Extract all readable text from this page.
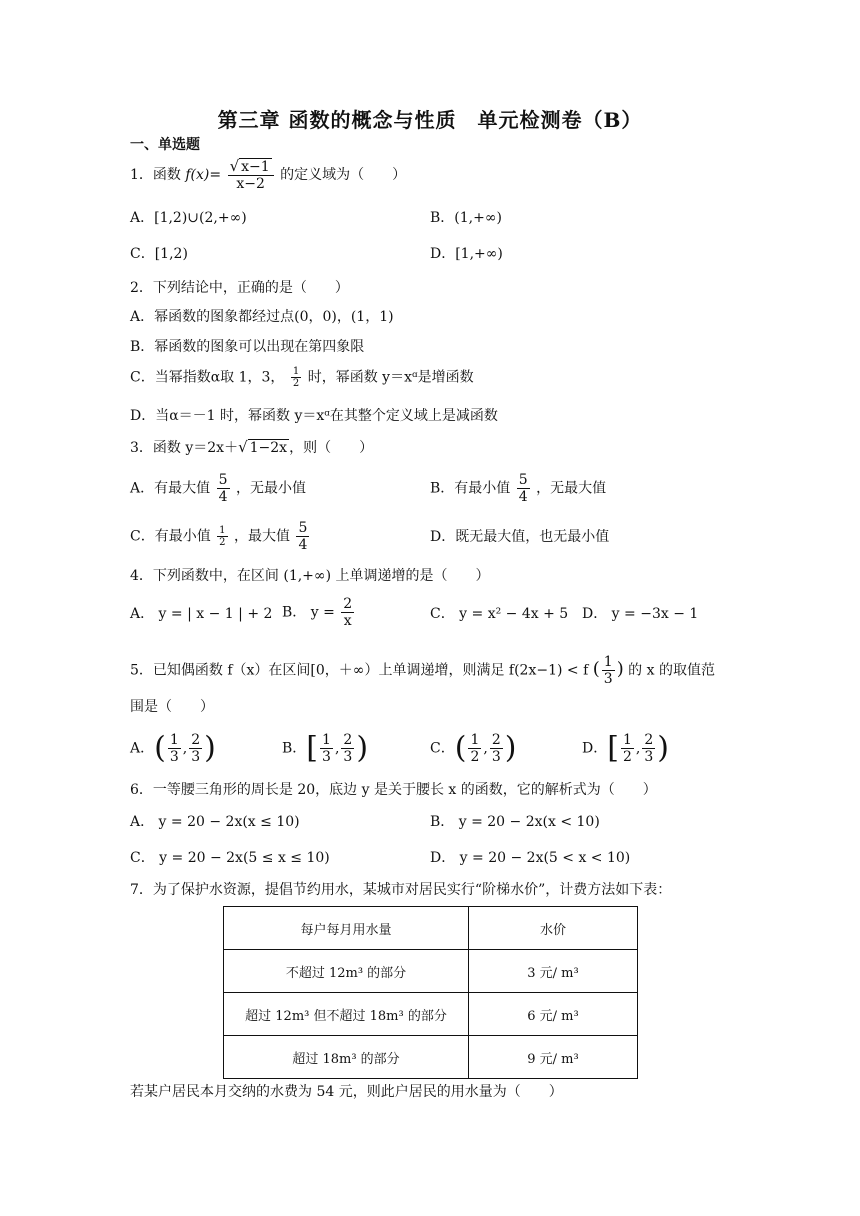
第三章 函数的概念与性质　单元检测卷（B）
一、单选题
1．函数 $f(x)= \frac{√ x-1}{x-2}$ 的定义域为（　　）
A．[1,2)∪(2,+∞)	B．(1,+∞)
C．[1,2)	D．[1,+∞)
2．下列结论中，正确的是（　　）
A．幂函数的图象都经过点(0，0)，(1，1)
B．幂函数的图象可以出现在第四象限
C．当幂指数α取 1，3， $\frac{1}{2}$ 时，幂函数 y＝xᵅ是增函数
D．当α＝－1 时，幂函数 y＝xᵅ在其整个定义域上是减函数
3．函数 y＝2x＋√ 1−2x ，则（　　）
A．有最大值 $\frac{5}{4}$ ，无最小值	B．有最小值 $\frac{5}{4}$ ，无最大值
C．有最小值 $\frac{1}{2}$ ，最大值 $\frac{5}{4}$	D．既无最大值，也无最小值
4．下列函数中，在区间 (1,+∞) 上单调递增的是（　　）
A． y = | x − 1 | + 2 B． $y = \frac{2}{x}$	C． y = x² − 4x + 5 D． y = −3x − 1
5．已知偶函数 f（x）在区间[0，＋∞）上单调递增，则满足 f(2x−1) < f ( $\frac{1}{3}$ ) 的 x 的取值范
围是（　　）
A．( $\frac{1}{3}$ , $\frac{2}{3}$ )	B．[ $\frac{1}{3}$ , $\frac{2}{3}$ )	C．( $\frac{1}{2}$ , $\frac{2}{3}$ )	D．[ $\frac{1}{2}$ , $\frac{2}{3}$ )
6．一等腰三角形的周长是 20，底边 y 是关于腰长 x 的函数，它的解析式为（　　）
A． y = 20 − 2x(x ≤ 10)	B． y = 20 − 2x(x < 10)
C． y = 20 − 2x(5 ≤ x ≤ 10)	D． y = 20 − 2x(5 < x < 10)
7．为了保护水资源，提倡节约用水，某城市对居民实行“阶梯水价”，计费方法如下表：
每户每月用水量	水价
不超过 12m³ 的部分	3 元/ m³
超过 12m³ 但不超过 18m³ 的部分	6 元/ m³
超过 18m³ 的部分	9 元/ m³
若某户居民本月交纳的水费为 54 元，则此户居民的用水量为（　　）
